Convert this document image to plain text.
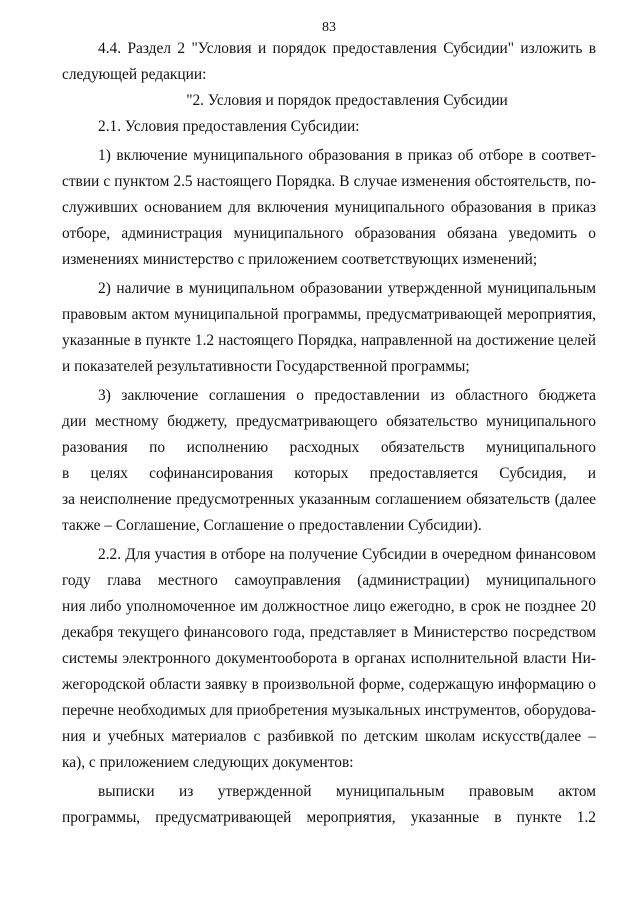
83

4.4. Раздел 2 "Условия и порядок предоставления Субсидии" изложить в
следующей редакции:

"2. Условия и порядок предоставления Субсидии

2.1. Условия предоставления Субсидии:

1) включение муниципального образования в приказ об отборе в соответ-
ствии с пунктом 2.5 настоящего Порядка. В случае изменения обстоятельств, по-
служивших основанием для включения муниципального образования в приказ
отборе, администрация муниципального образования обязана уведомить о
изменениях министерство с приложением соответствующих изменений;

2) наличие в муниципальном образовании утвержденной муниципальным
правовым актом муниципальной программы, предусматривающей мероприятия,
указанные в пункте 1.2 настоящего Порядка, направленной на достижение целей
и показателей результативности Государственной программы;

3) заключение соглашения о предоставлении из областного бюджета
дии местному бюджету, предусматривающего обязательство муниципального
разования по исполнению расходных обязательств муниципального
в целях софинансирования которых предоставляется Субсидия, и
за неисполнение предусмотренных указанным соглашением обязательств (далее
также – Соглашение, Соглашение о предоставлении Субсидии).

2.2. Для участия в отборе на получение Субсидии в очередном финансовом
году глава местного самоуправления (администрации) муниципального
ния либо уполномоченное им должностное лицо ежегодно, в срок не позднее 20
декабря текущего финансового года, представляет в Министерство посредством
системы электронного документооборота в органах исполнительной власти Ни-
жегородской области заявку в произвольной форме, содержащую информацию о
перечне необходимых для приобретения музыкальных инструментов, оборудова-
ния и учебных материалов с разбивкой по детским школам искусств(далее –
ка), с приложением следующих документов:

выписки из утвержденной муниципальным правовым актом
программы, предусматривающей мероприятия, указанные в пункте 1.2
